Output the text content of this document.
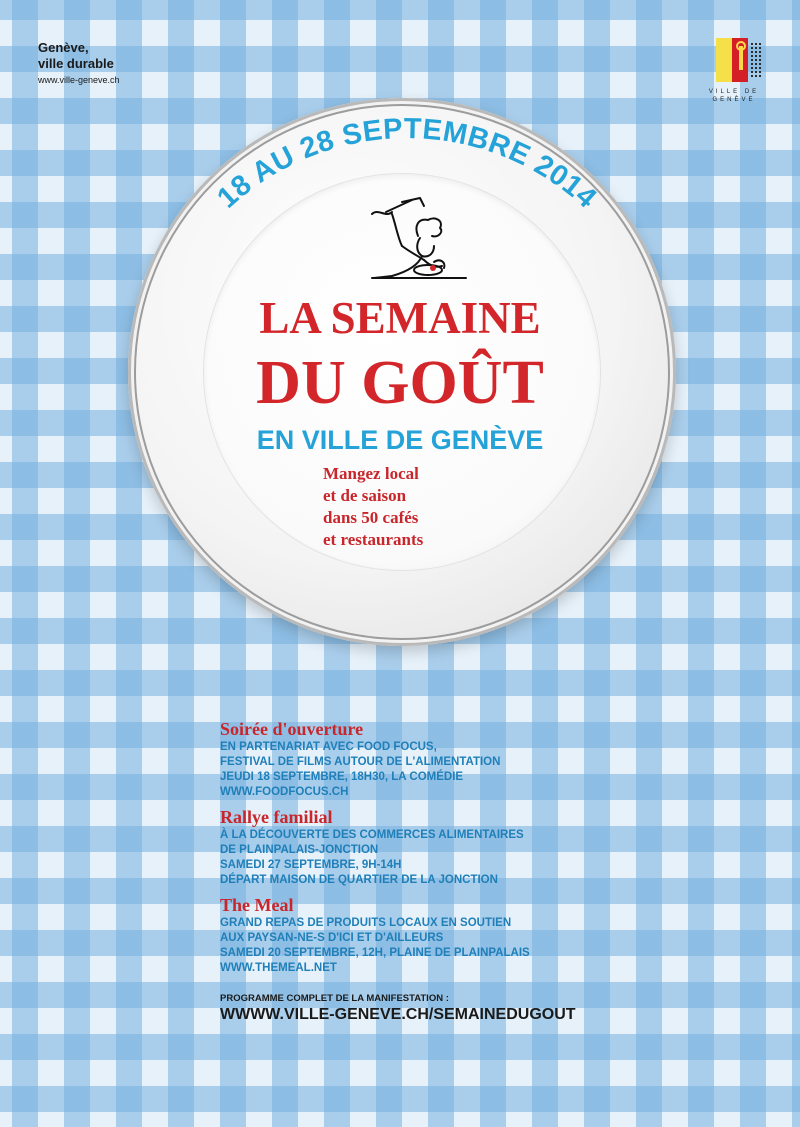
Genève,
ville durable
www.ville-geneve.ch
VILLE DE
GENÈVE
18 AU 28 SEPTEMBRE 2014
LA SEMAINE
DU GOÛT
EN VILLE DE GENÈVE
Mangez local
et de saison
dans 50 cafés
et restaurants
Soirée d'ouverture
EN PARTENARIAT AVEC FOOD FOCUS,
FESTIVAL DE FILMS AUTOUR DE L'ALIMENTATION
JEUDI 18 SEPTEMBRE, 18H30, LA COMÉDIE
WWW.FOODFOCUS.CH
Rallye familial
À LA DÉCOUVERTE DES COMMERCES ALIMENTAIRES
DE PLAINPALAIS-JONCTION
SAMEDI 27 SEPTEMBRE, 9H-14H
DÉPART MAISON DE QUARTIER DE LA JONCTION
The Meal
GRAND REPAS DE PRODUITS LOCAUX EN SOUTIEN
AUX PAYSAN-NE-S D'ICI ET D'AILLEURS
SAMEDI 20 SEPTEMBRE, 12H, PLAINE DE PLAINPALAIS
WWW.THEMEAL.NET
PROGRAMME COMPLET DE LA MANIFESTATION :
WWWW.VILLE-GENEVE.CH/SEMAINEDUGOUT
